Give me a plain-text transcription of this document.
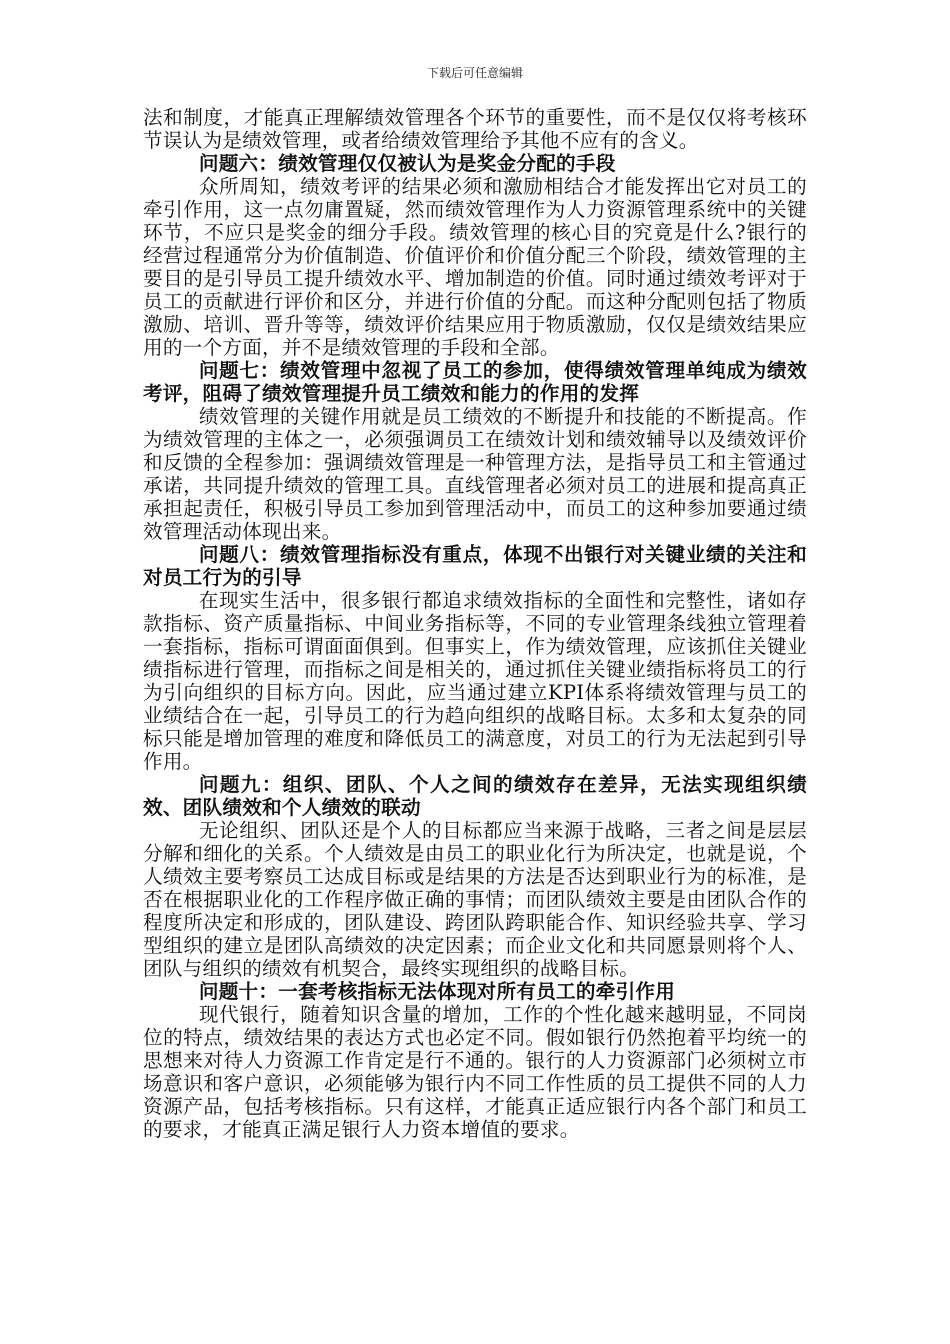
下载后可任意编辑

法和制度，才能真正理解绩效管理各个环节的重要性，而不是仅仅将考核环节误认为是绩效管理，或者给绩效管理给予其他不应有的含义。

问题六：绩效管理仅仅被认为是奖金分配的手段

众所周知，绩效考评的结果必须和激励相结合才能发挥出它对员工的牵引作用，这一点勿庸置疑，然而绩效管理作为人力资源管理系统中的关键环节，不应只是奖金的细分手段。绩效管理的核心目的究竟是什么?银行的经营过程通常分为价值制造、价值评价和价值分配三个阶段，绩效管理的主要目的是引导员工提升绩效水平、增加制造的价值。同时通过绩效考评对于员工的贡献进行评价和区分，并进行价值的分配。而这种分配则包括了物质激励、培训、晋升等等，绩效评价结果应用于物质激励，仅仅是绩效结果应用的一个方面，并不是绩效管理的手段和全部。

问题七：绩效管理中忽视了员工的参加，使得绩效管理单纯成为绩效考评，阻碍了绩效管理提升员工绩效和能力的作用的发挥

绩效管理的关键作用就是员工绩效的不断提升和技能的不断提高。作为绩效管理的主体之一，必须强调员工在绩效计划和绩效辅导以及绩效评价和反馈的全程参加：强调绩效管理是一种管理方法，是指导员工和主管通过承诺，共同提升绩效的管理工具。直线管理者必须对员工的进展和提高真正承担起责任，积极引导员工参加到管理活动中，而员工的这种参加要通过绩效管理活动体现出来。

问题八：绩效管理指标没有重点，体现不出银行对关键业绩的关注和对员工行为的引导

在现实生活中，很多银行都追求绩效指标的全面性和完整性，诸如存款指标、资产质量指标、中间业务指标等，不同的专业管理条线独立管理着一套指标，指标可谓面面俱到。但事实上，作为绩效管理，应该抓住关键业绩指标进行管理，而指标之间是相关的，通过抓住关键业绩指标将员工的行为引向组织的目标方向。因此，应当通过建立KPI体系将绩效管理与员工的业绩结合在一起，引导员工的行为趋向组织的战略目标。太多和太复杂的同标只能是增加管理的难度和降低员工的满意度，对员工的行为无法起到引导作用。

问题九：组织、团队、个人之间的绩效存在差异，无法实现组织绩效、团队绩效和个人绩效的联动

无论组织、团队还是个人的目标都应当来源于战略，三者之间是层层分解和细化的关系。个人绩效是由员工的职业化行为所决定，也就是说，个人绩效主要考察员工达成目标或是结果的方法是否达到职业行为的标准，是否在根据职业化的工作程序做正确的事情；而团队绩效主要是由团队合作的程度所决定和形成的，团队建设、跨团队跨职能合作、知识经验共享、学习型组织的建立是团队高绩效的决定因素；而企业文化和共同愿景则将个人、团队与组织的绩效有机契合，最终实现组织的战略目标。

问题十：一套考核指标无法体现对所有员工的牵引作用

现代银行，随着知识含量的增加，工作的个性化越来越明显，不同岗位的特点，绩效结果的表达方式也必定不同。假如银行仍然抱着平均统一的思想来对待人力资源工作肯定是行不通的。银行的人力资源部门必须树立市场意识和客户意识，必须能够为银行内不同工作性质的员工提供不同的人力资源产品，包括考核指标。只有这样，才能真正适应银行内各个部门和员工的要求，才能真正满足银行人力资本增值的要求。
